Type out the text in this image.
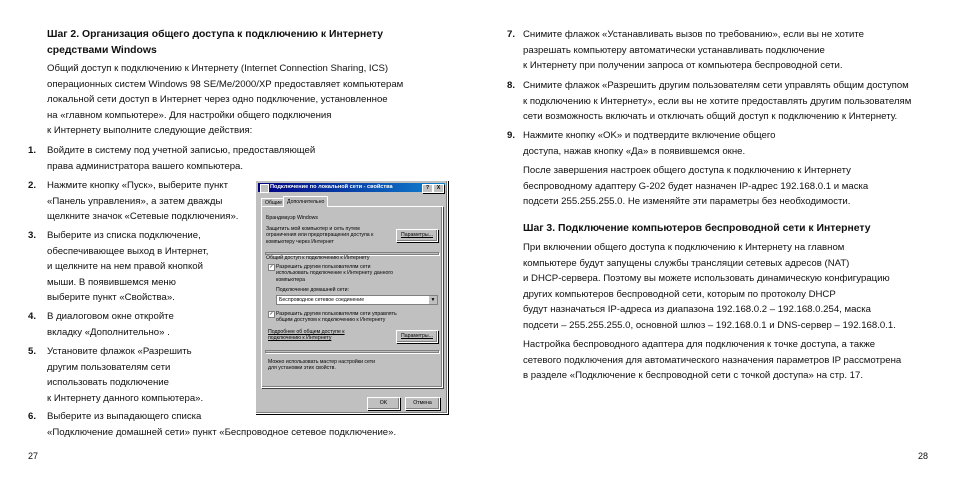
Шаг 2. Организация общего доступа к подключению к Интернету
средствами Windows
Общий доступ к подключению к Интернету (Internet Connection Sharing, ICS)
операционных систем Windows 98 SE/Me/2000/XP предоставляет компьютерам
локальной сети доступ в Интернет через одно подключение, установленное
на «главном компьютере». Для настройки общего подключения
к Интернету выполните следующие действия:
1. Войдите в систему под учетной записью, предоставляющей
права администратора вашего компьютера.
2. Нажмите кнопку «Пуск», выберите пункт
«Панель управления», а затем дважды
щелкните значок «Сетевые подключения».
3. Выберите из списка подключение,
обеспечивающее выход в Интернет,
и щелкните на нем правой кнопкой
мыши. В появившемся меню
выберите пункт «Свойства».
4. В диалоговом окне откройте
вкладку «Дополнительно» .
5. Установите флажок «Разрешить
другим пользователям сети
использовать подключение
к Интернету данного компьютера».
6. Выберите из выпадающего списка
«Подключение домашней сети» пункт «Беспроводное сетевое подключение».
Подключение по локальной сети - свойства	?	X
Общие Дополнительно
Брандмауэр Windows
Защитить мой компьютер и сеть путем
ограничения или предотвращения доступа к
компьютеру через Интернет
Параметры...
Общий доступ к подключению к Интернету
✓ Разрешить другим пользователям сети
использовать подключение к Интернету данного
компьютера
Подключение домашней сети:
Беспроводное сетевое соединение	▼
✓ Разрешить другим пользователям сети управлять
общим доступом к подключению к Интернету
Подробнее об общем доступе к
подключению к Интернету	Параметры...
Можно использовать мастер настройки сети
для установки этих свойств.
OK	Отмена
27
7. Снимите флажок «Устанавливать вызов по требованию», если вы не хотите
разрешать компьютеру автоматически устанавливать подключение
к Интернету при получении запроса от компьютера беспроводной сети.
8. Снимите флажок «Разрешить другим пользователям сети управлять общим доступом
к подключению к Интернету», если вы не хотите предоставлять другим пользователям
сети возможность включать и отключать общий доступ к подключению к Интернету.
9. Нажмите кнопку «OK» и подтвердите включение общего
доступа, нажав кнопку «Да» в появившемся окне.
После завершения настроек общего доступа к подключению к Интернету
беспроводному адаптеру G-202 будет назначен IP-адрес 192.168.0.1 и маска
подсети 255.255.255.0. Не изменяйте эти параметры без необходимости.
Шаг 3. Подключение компьютеров беспроводной сети к Интернету
При включении общего доступа к подключению к Интернету на главном
компьютере будут запущены службы трансляции сетевых адресов (NAT)
и DHCP-сервера. Поэтому вы можете использовать динамическую конфигурацию
других компьютеров беспроводной сети, которым по протоколу DHCP
будут назначаться IP-адреса из диапазона 192.168.0.2 – 192.168.0.254, маска
подсети – 255.255.255.0, основной шлюз – 192.168.0.1 и DNS-сервер – 192.168.0.1.
Настройка беспроводного адаптера для подключения к точке доступа, а также
сетевого подключения для автоматического назначения параметров IP рассмотрена
в разделе «Подключение к беспроводной сети с точкой доступа» на стр. 17.
28
